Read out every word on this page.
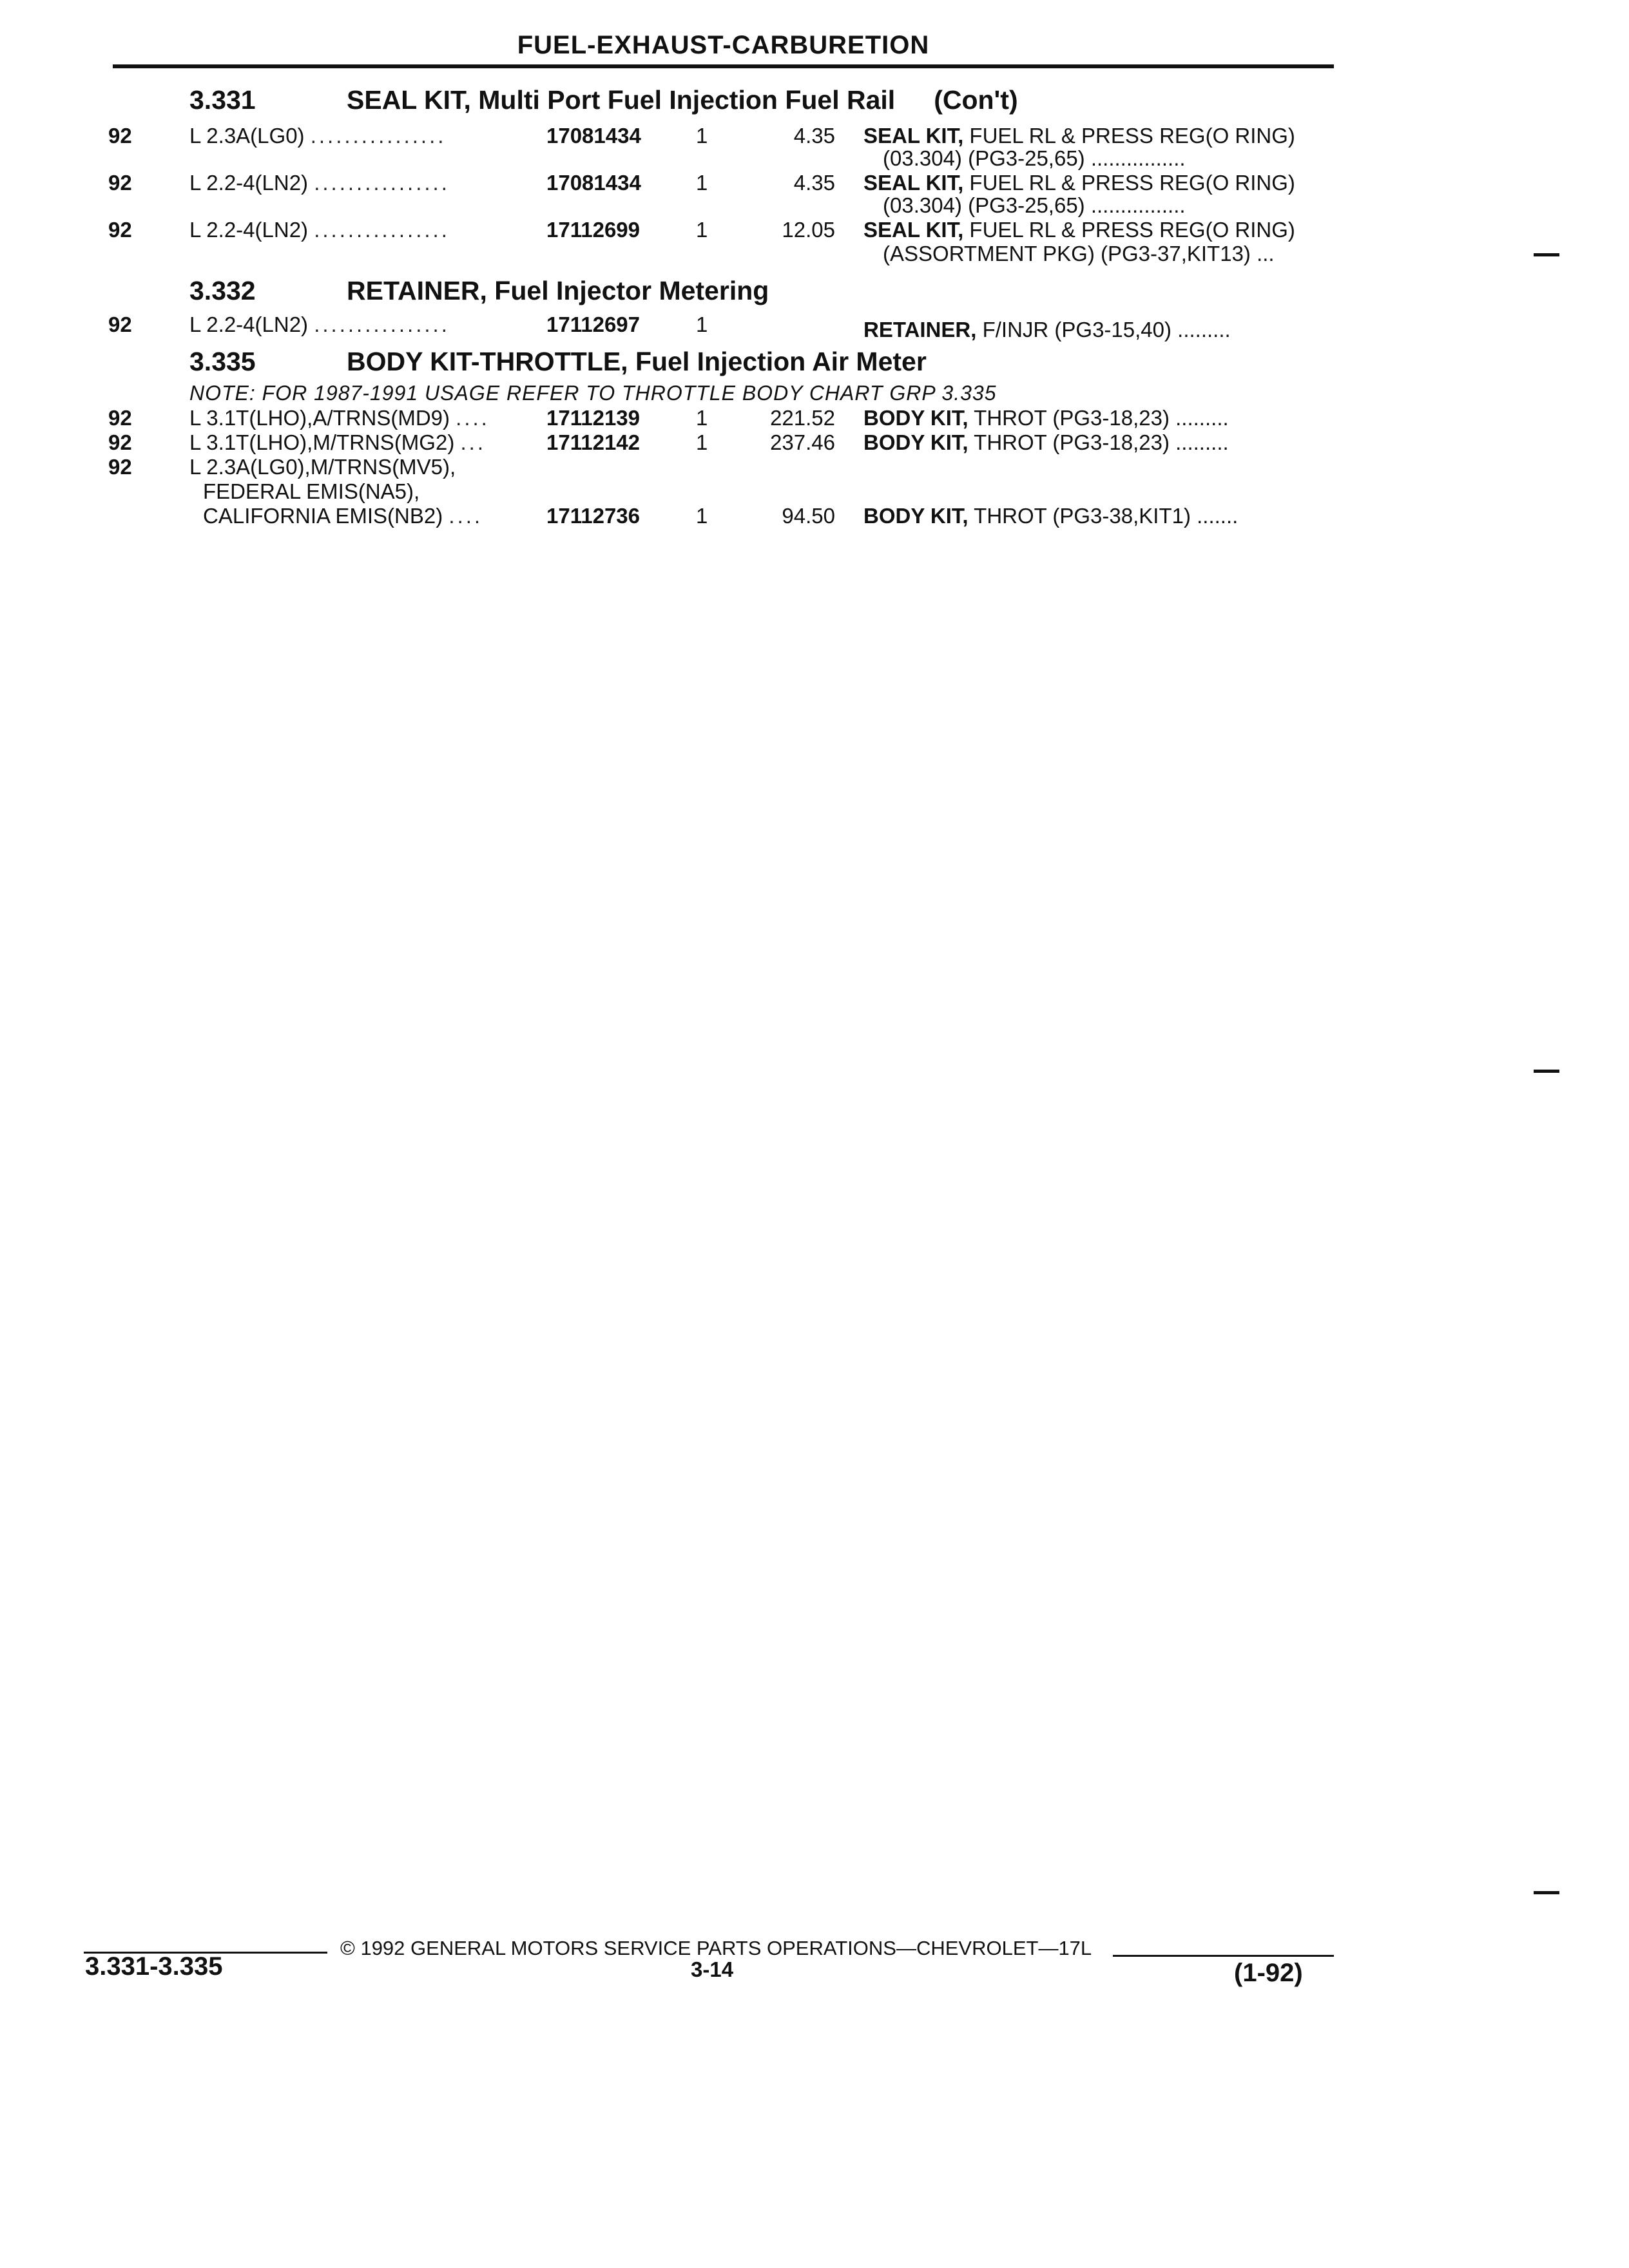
FUEL-EXHAUST-CARBURETION
3.331	SEAL KIT, Multi Port Fuel Injection Fuel Rail (Con't)
92	L 2.3A(LG0) ................	17081434	1	4.35 SEAL KIT, FUEL RL & PRESS REG(O RING)
(03.304) (PG3-25,65) ................
92	L 2.2-4(LN2) ................	17081434	1	4.35 SEAL KIT, FUEL RL & PRESS REG(O RING)
(03.304) (PG3-25,65) ................
92	L 2.2-4(LN2) ................	17112699	1	12.05 SEAL KIT, FUEL RL & PRESS REG(O RING)
(ASSORTMENT PKG) (PG3-37,KIT13) ...
3.332	RETAINER, Fuel Injector Metering
92	L 2.2-4(LN2) ................	17112697	1	RETAINER, F/INJR (PG3-15,40) .........
3.335	BODY KIT-THROTTLE, Fuel Injection Air Meter
NOTE: FOR 1987-1991 USAGE REFER TO THROTTLE BODY CHART GRP 3.335
92	L 3.1T(LHO),A/TRNS(MD9) ....	17112139	1	221.52 BODY KIT, THROT (PG3-18,23) .........
92	L 3.1T(LHO),M/TRNS(MG2) ...	17112142	1	237.46 BODY KIT, THROT (PG3-18,23) .........
92	L 2.3A(LG0),M/TRNS(MV5),
FEDERAL EMIS(NA5),
CALIFORNIA EMIS(NB2) ....	17112736	1	94.50 BODY KIT, THROT (PG3-38,KIT1) .......
© 1992 GENERAL MOTORS SERVICE PARTS OPERATIONS—CHEVROLET—17L
3.331-3.335	3-14	(1-92)
